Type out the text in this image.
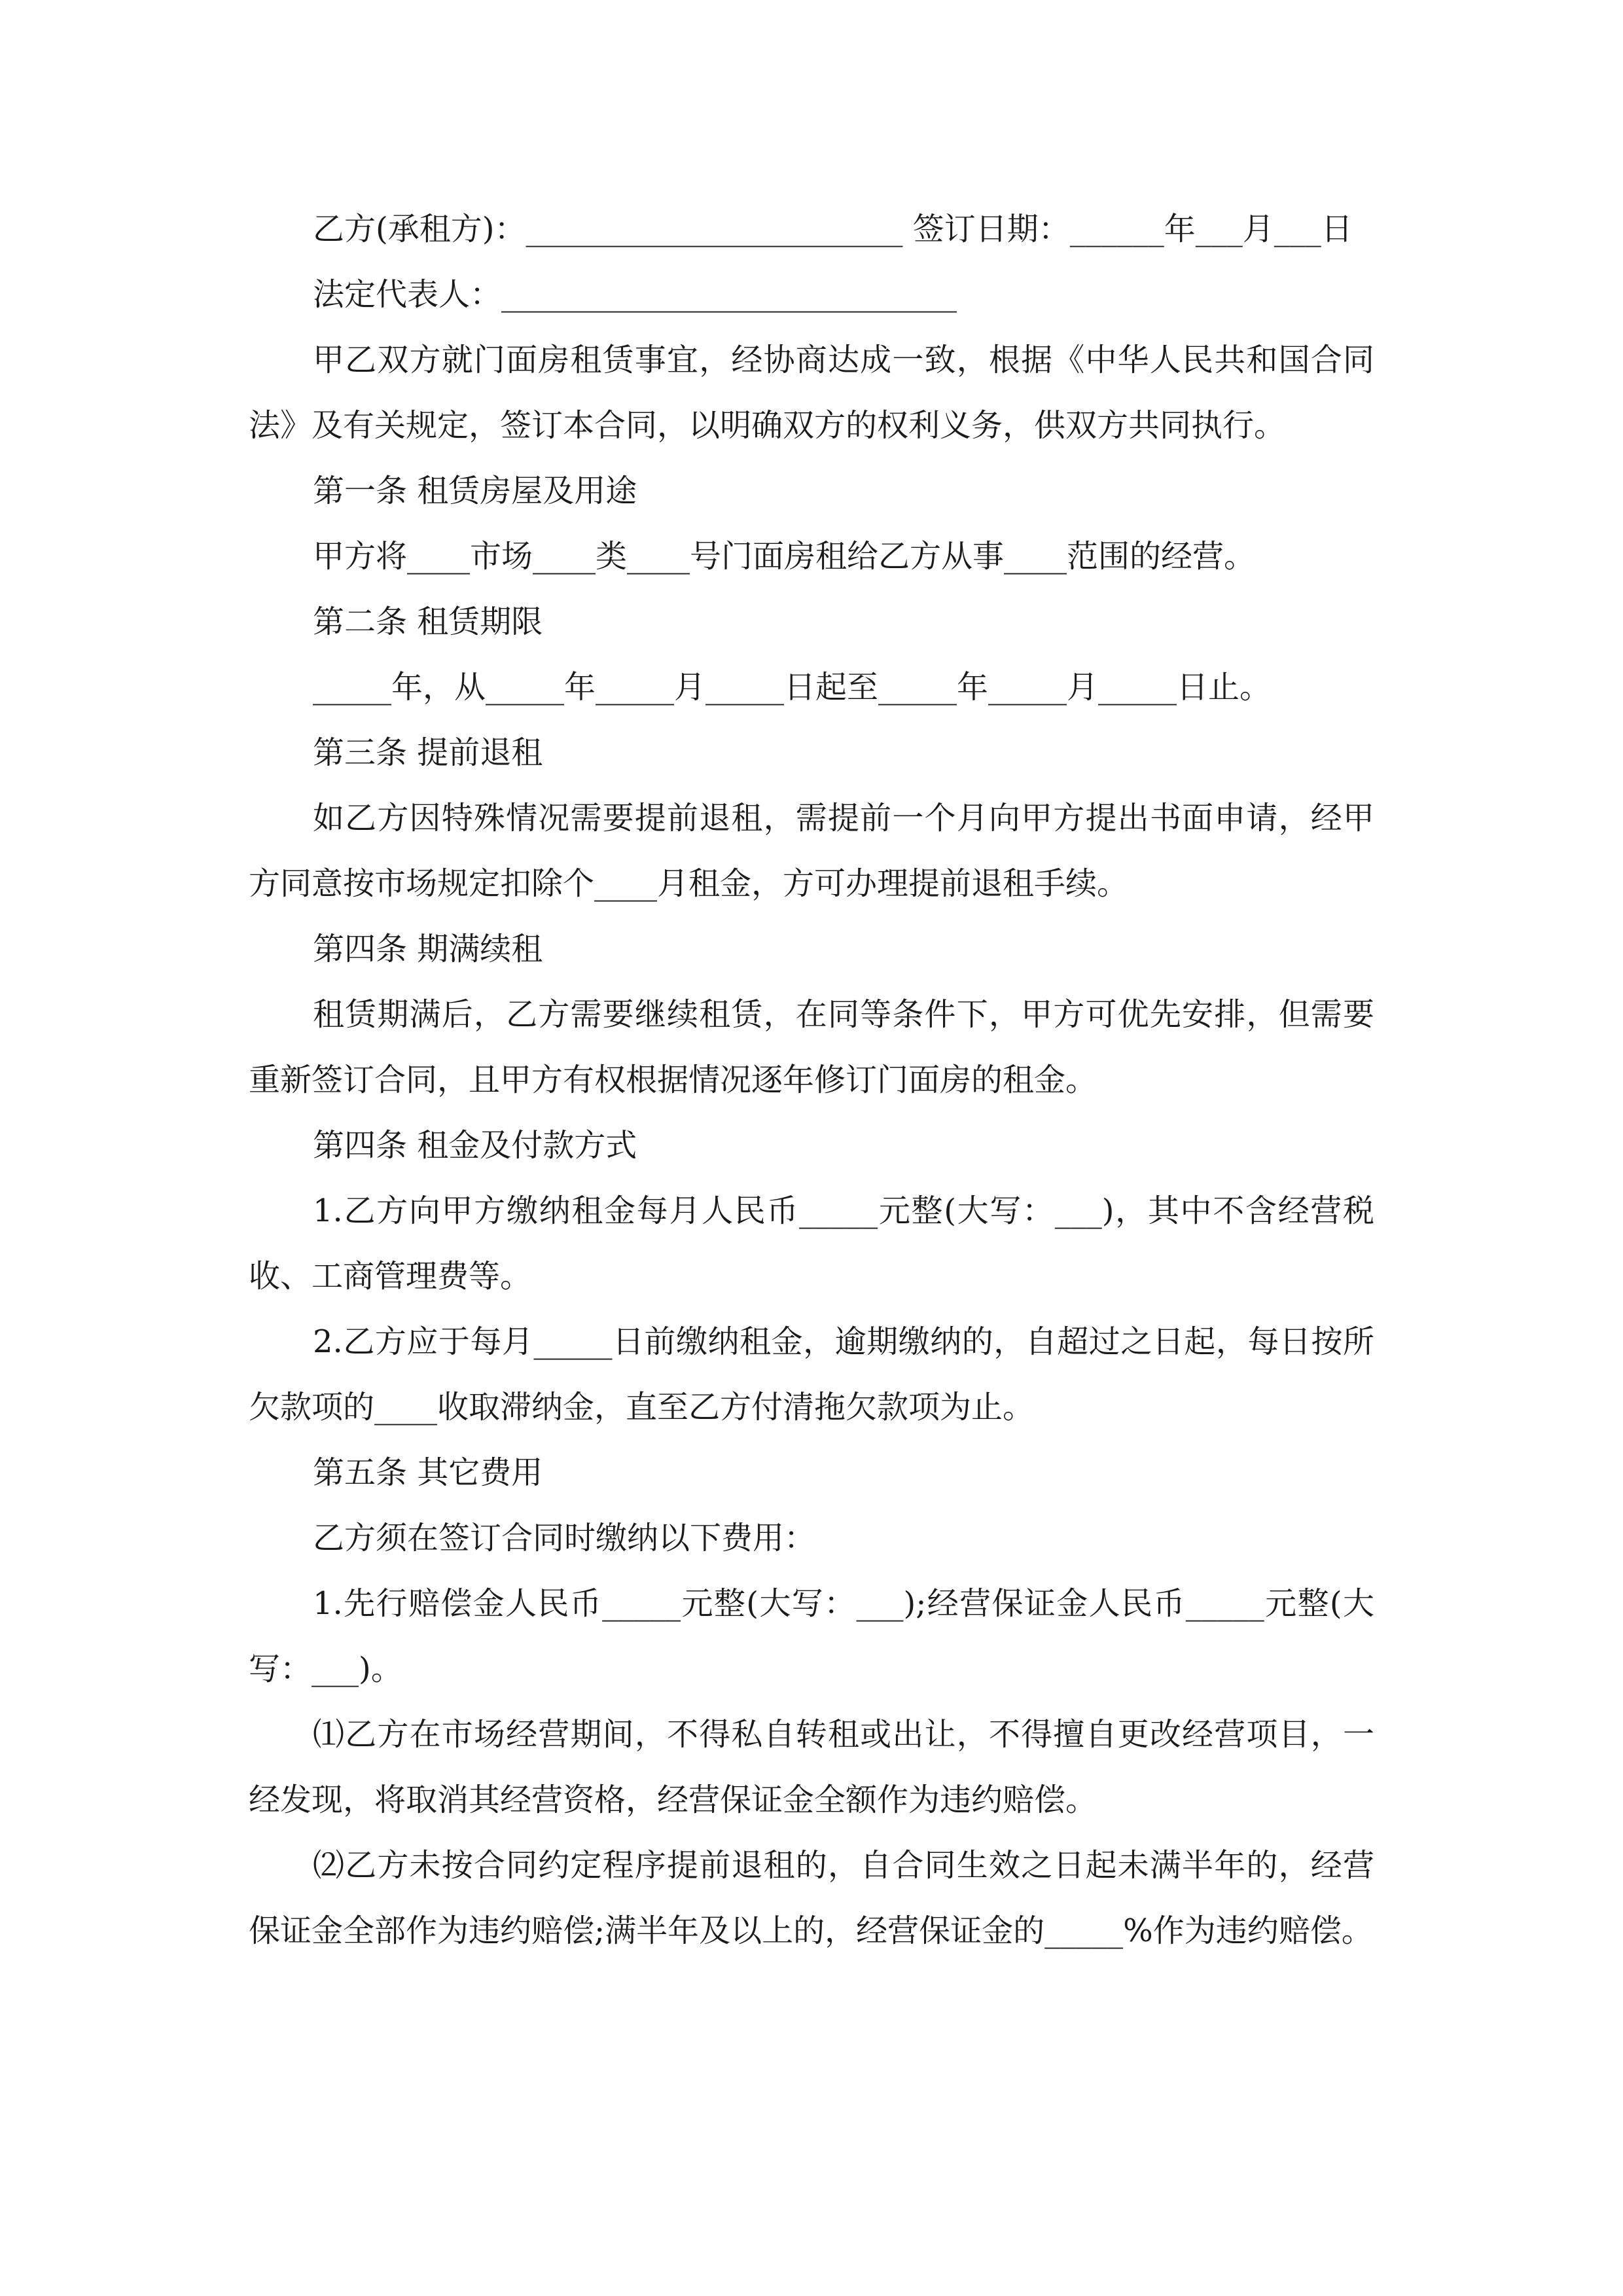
乙方(承租方)：________________________ 签订日期：______年___月___日

法定代表人：_____________________________

甲乙双方就门面房租赁事宜，经协商达成一致，根据《中华人民共和国合同法》及有关规定，签订本合同，以明确双方的权利义务，供双方共同执行。

第一条 租赁房屋及用途

甲方将____市场____类____号门面房租给乙方从事____范围的经营。

第二条 租赁期限

_____年，从_____年_____月_____日起至_____年_____月_____日止。

第三条 提前退租

如乙方因特殊情况需要提前退租，需提前一个月向甲方提出书面申请，经甲方同意按市场规定扣除个____月租金，方可办理提前退租手续。

第四条 期满续租

租赁期满后，乙方需要继续租赁，在同等条件下，甲方可优先安排，但需要重新签订合同，且甲方有权根据情况逐年修订门面房的租金。

第四条 租金及付款方式

1.乙方向甲方缴纳租金每月人民币_____元整(大写：___)，其中不含经营税收、工商管理费等。

2.乙方应于每月_____日前缴纳租金，逾期缴纳的，自超过之日起，每日按所欠款项的____收取滞纳金，直至乙方付清拖欠款项为止。

第五条 其它费用

乙方须在签订合同时缴纳以下费用：

1.先行赔偿金人民币_____元整(大写：___);经营保证金人民币_____元整(大写：___)。

⑴乙方在市场经营期间，不得私自转租或出让，不得擅自更改经营项目，一经发现，将取消其经营资格，经营保证金全额作为违约赔偿。

⑵乙方未按合同约定程序提前退租的，自合同生效之日起未满半年的，经营保证金全部作为违约赔偿;满半年及以上的，经营保证金的_____%作为违约赔偿。
